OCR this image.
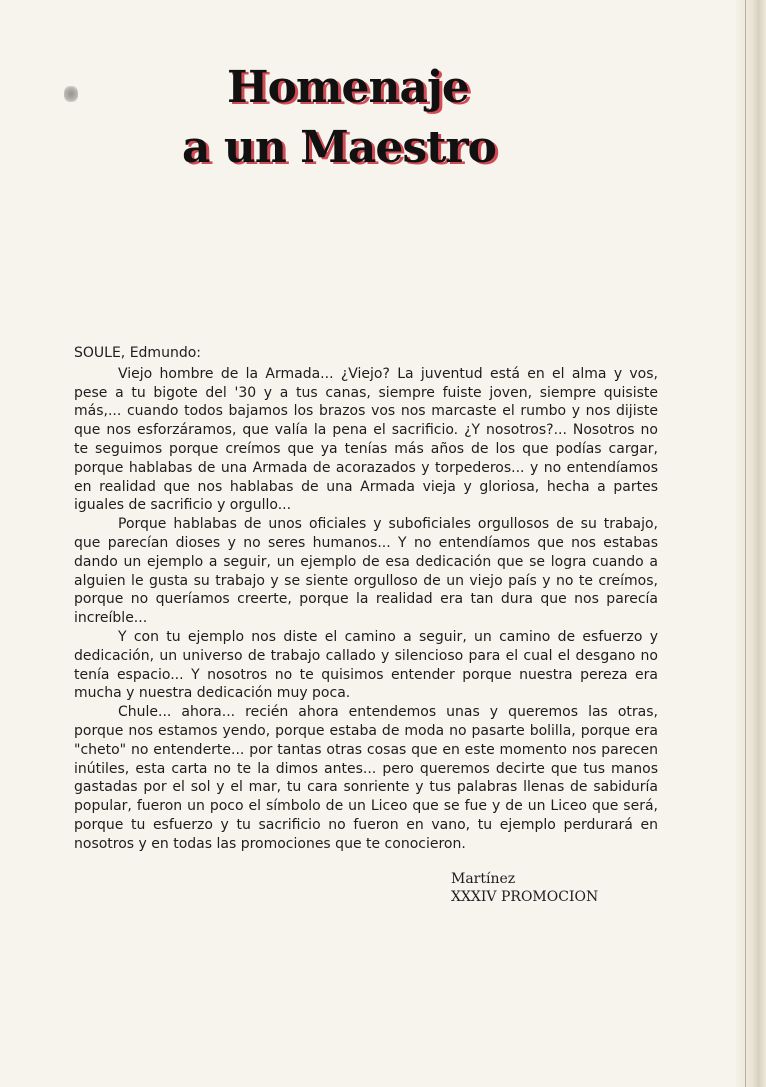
Homenaje
a un Maestro

SOULE, Edmundo:

Viejo hombre de la Armada... ¿Viejo? La juventud está en el alma y vos, pese a tu bigote del '30 y a tus canas, siempre fuiste joven, siempre quisiste más,... cuando todos bajamos los brazos vos nos marcaste el rumbo y nos dijiste que nos esforzáramos, que valía la pena el sacrificio. ¿Y nosotros?... Nosotros no te seguimos porque creímos que ya tenías más años de los que podías cargar, porque hablabas de una Armada de acorazados y torpederos... y no entendíamos en realidad que nos hablabas de una Armada vieja y gloriosa, hecha a partes iguales de sacrificio y orgullo...

Porque hablabas de unos oficiales y suboficiales orgullosos de su trabajo, que parecían dioses y no seres humanos... Y no entendíamos que nos estabas dando un ejemplo a seguir, un ejemplo de esa dedicación que se logra cuando a alguien le gusta su trabajo y se siente orgulloso de un viejo país y no te creímos, porque no queríamos creerte, porque la realidad era tan dura que nos parecía increíble...

Y con tu ejemplo nos diste el camino a seguir, un camino de esfuerzo y dedicación, un universo de trabajo callado y silencioso para el cual el desgano no tenía espacio... Y nosotros no te quisimos entender porque nuestra pereza era mucha y nuestra dedicación muy poca.

Chule... ahora... recién ahora entendemos unas y queremos las otras, porque nos estamos yendo, porque estaba de moda no pasarte bolilla, porque era "cheto" no entenderte... por tantas otras cosas que en este momento nos parecen inútiles, esta carta no te la dimos antes... pero queremos decirte que tus manos gastadas por el sol y el mar, tu cara sonriente y tus palabras llenas de sabiduría popular, fueron un poco el símbolo de un Liceo que se fue y de un Liceo que será, porque tu esfuerzo y tu sacrificio no fueron en vano, tu ejemplo perdurará en nosotros y en todas las promociones que te conocieron.

Martínez
XXXIV PROMOCION
